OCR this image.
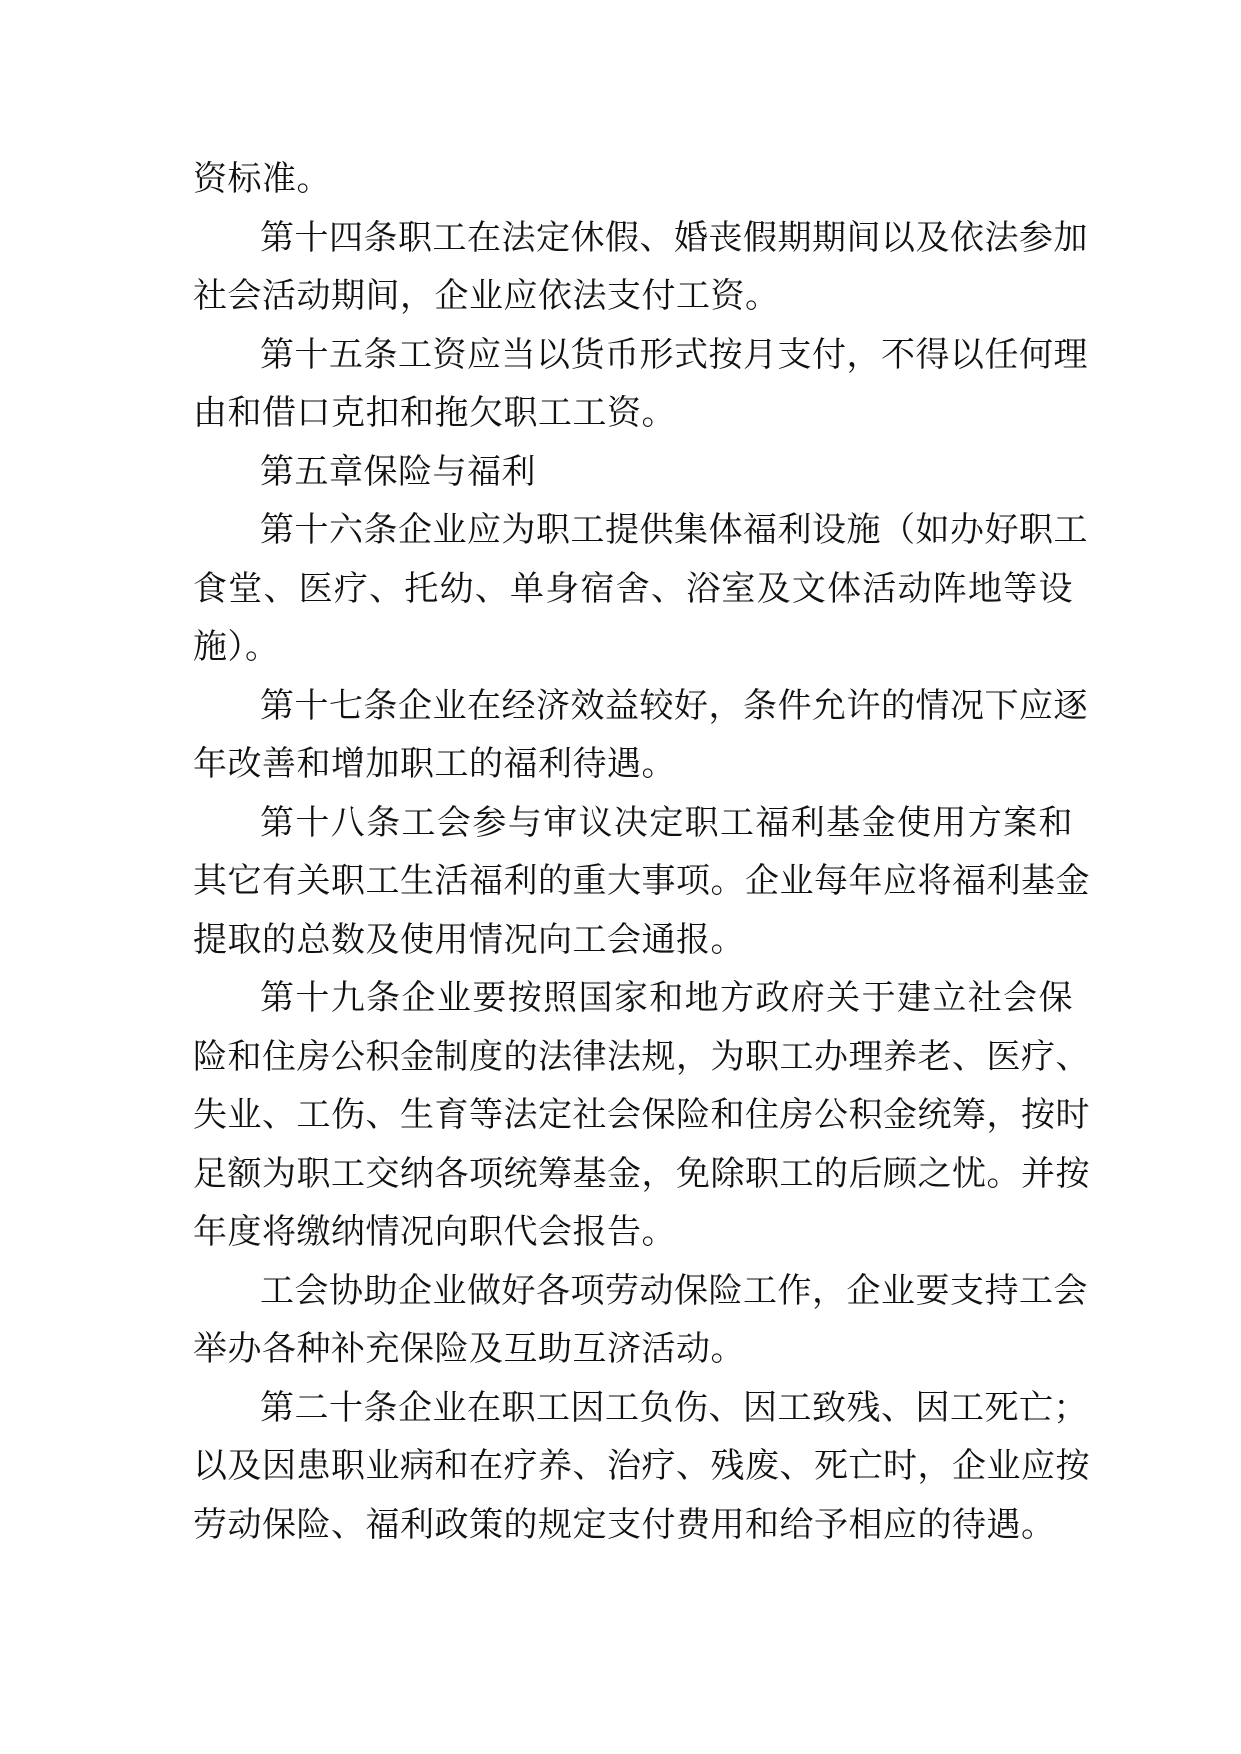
资标准。
第十四条职工在法定休假、婚丧假期期间以及依法参加
社会活动期间，企业应依法支付工资。
第十五条工资应当以货币形式按月支付，不得以任何理
由和借口克扣和拖欠职工工资。
第五章保险与福利
第十六条企业应为职工提供集体福利设施（如办好职工
食堂、医疗、托幼、单身宿舍、浴室及文体活动阵地等设
施）。
第十七条企业在经济效益较好，条件允许的情况下应逐
年改善和增加职工的福利待遇。
第十八条工会参与审议决定职工福利基金使用方案和
其它有关职工生活福利的重大事项。企业每年应将福利基金
提取的总数及使用情况向工会通报。
第十九条企业要按照国家和地方政府关于建立社会保
险和住房公积金制度的法律法规，为职工办理养老、医疗、
失业、工伤、生育等法定社会保险和住房公积金统筹，按时
足额为职工交纳各项统筹基金，免除职工的后顾之忧。并按
年度将缴纳情况向职代会报告。
工会协助企业做好各项劳动保险工作，企业要支持工会
举办各种补充保险及互助互济活动。
第二十条企业在职工因工负伤、因工致残、因工死亡；
以及因患职业病和在疗养、治疗、残废、死亡时，企业应按
劳动保险、福利政策的规定支付费用和给予相应的待遇。
